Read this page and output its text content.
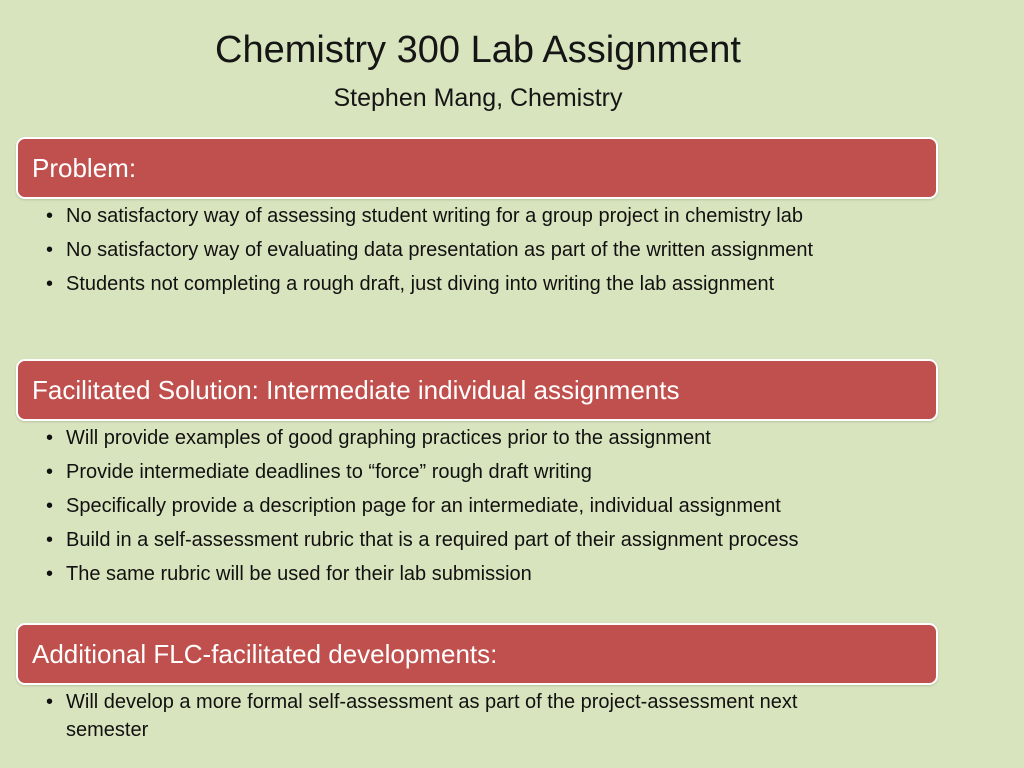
Chemistry 300 Lab Assignment
Stephen Mang, Chemistry
Problem:
• No satisfactory way of assessing student writing for a group project in chemistry lab
• No satisfactory way of evaluating data presentation as part of the written assignment
• Students not completing a rough draft, just diving into writing the lab assignment
Facilitated Solution: Intermediate individual assignments
• Will provide examples of good graphing practices prior to the assignment
• Provide intermediate deadlines to “force” rough draft writing
• Specifically provide a description page for an intermediate, individual assignment
• Build in a self-assessment rubric that is a required part of their assignment process
• The same rubric will be used for their lab submission
Additional FLC-facilitated developments:
• Will develop a more formal self-assessment as part of the project-assessment next semester
